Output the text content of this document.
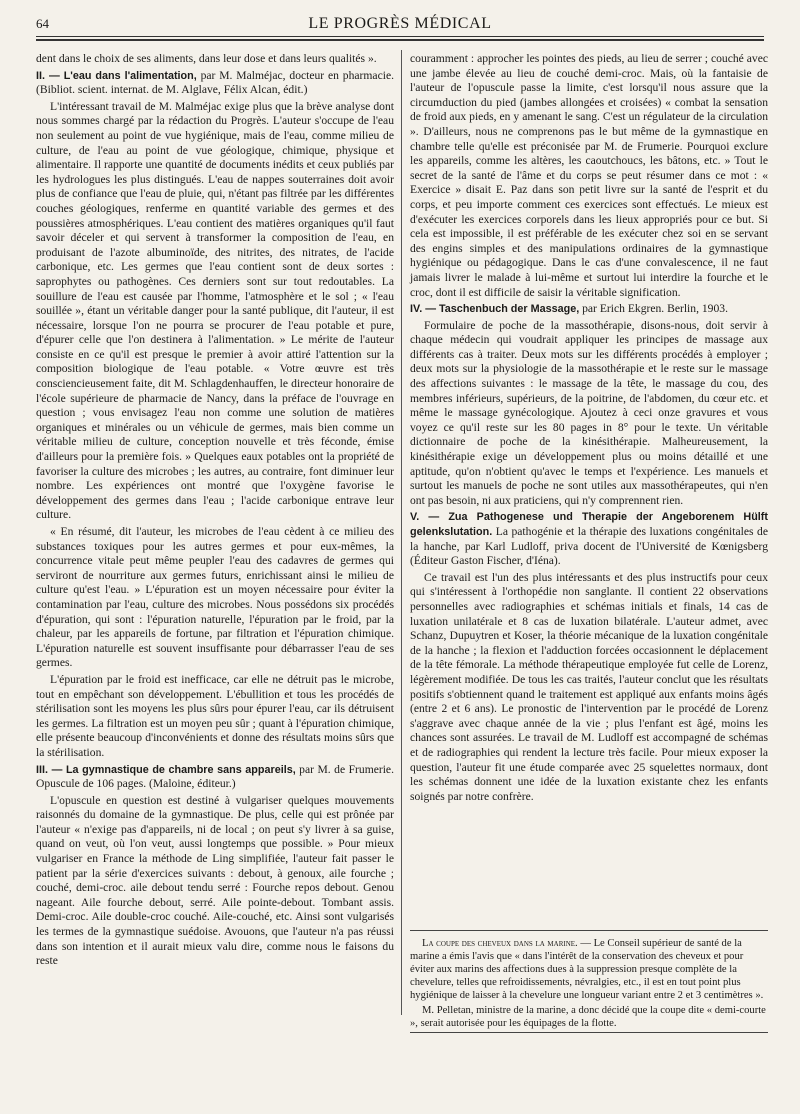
64	LE PROGRÈS MÉDICAL

dent dans le choix de ses aliments, dans leur dose et dans leurs qualités ».

II. — L'eau dans l'alimentation, par M. Malméjac, docteur en pharmacie. (Bibliot. scient. internat. de M. Alglave, Félix Alcan, édit.)

L'intéressant travail de M. Malméjac exige plus que la brève analyse dont nous sommes chargé par la rédaction du Progrès. L'auteur s'occupe de l'eau non seulement au point de vue hygiénique, mais de l'eau, comme milieu de culture, de l'eau au point de vue géologique, chimique, physique et alimentaire. Il rapporte une quantité de documents inédits et ceux publiés par les hydrologues les plus distingués. L'eau de nappes souterraines doit avoir plus de confiance que l'eau de pluie, qui, n'étant pas filtrée par les différentes couches géologiques, renferme en quantité variable des germes et des poussières atmosphériques. L'eau contient des matières organiques qu'il faut savoir déceler et qui servent à transformer la composition de l'eau, en produisant de l'azote albuminoïde, des nitrites, des nitrates, de l'acide carbonique, etc. Les germes que l'eau contient sont de deux sortes : saprophytes ou pathogènes. Ces derniers sont sur tout redoutables. La souillure de l'eau est causée par l'homme, l'atmosphère et le sol ; « l'eau souillée », étant un véritable danger pour la santé publique, dit l'auteur, il est nécessaire, lorsque l'on ne pourra se procurer de l'eau potable et pure, d'épurer celle que l'on destinera à l'alimentation. » Le mérite de l'auteur consiste en ce qu'il est presque le premier à avoir attiré l'attention sur la composition biologique de l'eau potable. « Votre œuvre est très consciencieusement faite, dit M. Schlagdenhauffen, le directeur honoraire de l'école supérieure de pharmacie de Nancy, dans la préface de l'ouvrage en question ; vous envisagez l'eau non comme une solution de matières organiques et minérales ou un véhicule de germes, mais bien comme un véritable milieu de culture, conception nouvelle et très féconde, émise d'ailleurs pour la première fois. » Quelques eaux potables ont la propriété de favoriser la culture des microbes ; les autres, au contraire, font diminuer leur nombre. Les expériences ont montré que l'oxygène favorise le développement des germes dans l'eau ; l'acide carbonique entrave leur culture.

« En résumé, dit l'auteur, les microbes de l'eau cèdent à ce milieu des substances toxiques pour les autres germes et pour eux-mêmes, la concurrence vitale peut même peupler l'eau des cadavres de germes qui serviront de nourriture aux germes futurs, enrichissant ainsi le milieu de culture qu'est l'eau. » L'épuration est un moyen nécessaire pour éviter la contamination par l'eau, culture des microbes. Nous possédons six procédés d'épuration, qui sont : l'épuration naturelle, l'épuration par le froid, par la chaleur, par les appareils de fortune, par filtration et l'épuration chimique. L'épuration naturelle est souvent insuffisante pour débarrasser l'eau de ses germes.

L'épuration par le froid est inefficace, car elle ne détruit pas le microbe, tout en empêchant son développement. L'ébullition et tous les procédés de stérilisation sont les moyens les plus sûrs pour épurer l'eau, car ils détruisent les germes. La filtration est un moyen peu sûr ; quant à l'épuration chimique, elle présente beaucoup d'inconvénients et donne des résultats moins sûrs que la stérilisation.

III. — La gymnastique de chambre sans appareils, par M. de Frumerie. Opuscule de 106 pages. (Maloine, éditeur.)

L'opuscule en question est destiné à vulgariser quelques mouvements raisonnés du domaine de la gymnastique. De plus, celle qui est prônée par l'auteur « n'exige pas d'appareils, ni de local ; on peut s'y livrer à sa guise, quand on veut, où l'on veut, aussi longtemps que possible. » Pour mieux vulgariser en France la méthode de Ling simplifiée, l'auteur fait passer le patient par la série d'exercices suivants : debout, à genoux, aile fourche ; couché, demi-croc. aile debout tendu serré : Fourche repos debout. Genou nageant. Aile fourche debout, serré. Aile pointe-debout. Tombant assis. Demi-croc. Aile double-croc couché. Aile-couché, etc. Ainsi sont vulgarisés les termes de la gymnastique suédoise. Avouons, que l'auteur n'a pas réussi dans son intention et il aurait mieux valu dire, comme nous le faisons du reste

couramment : approcher les pointes des pieds, au lieu de serrer ; couché avec une jambe élevée au lieu de couché demi-croc. Mais, où la fantaisie de l'auteur de l'opuscule passe la limite, c'est lorsqu'il nous assure que la circumduction du pied (jambes allongées et croisées) « combat la sensation de froid aux pieds, en y amenant le sang. C'est un régulateur de la circulation ». D'ailleurs, nous ne comprenons pas le but même de la gymnastique en chambre telle qu'elle est préconisée par M. de Frumerie. Pourquoi exclure les appareils, comme les altères, les caoutchoucs, les bâtons, etc. » Tout le secret de la santé de l'âme et du corps se peut résumer dans ce mot : « Exercice » disait E. Paz dans son petit livre sur la santé de l'esprit et du corps, et peu importe comment ces exercices sont effectués. Le mieux est d'exécuter les exercices corporels dans les lieux appropriés pour ce but. Si cela est impossible, il est préférable de les exécuter chez soi en se servant des engins simples et des manipulations ordinaires de la gymnastique hygiénique ou pédagogique. Dans le cas d'une convalescence, il ne faut jamais livrer le malade à lui-même et surtout lui interdire la fourche et le croc, dont il est difficile de saisir la véritable signification.

IV. — Taschenbuch der Massage, par Erich Ekgren. Berlin, 1903.

Formulaire de poche de la massothérapie, disons-nous, doit servir à chaque médecin qui voudrait appliquer les principes de massage aux différents cas à traiter. Deux mots sur les différents procédés à employer ; deux mots sur la physiologie de la massothérapie et le reste sur le massage des affections suivantes : le massage de la tête, le massage du cou, des membres inférieurs, supérieurs, de la poitrine, de l'abdomen, du cœur etc. et même le massage gynécologique. Ajoutez à ceci onze gravures et vous voyez ce qu'il reste sur les 80 pages in 8° pour le texte. Un véritable dictionnaire de poche de la kinésithérapie. Malheureusement, la kinésithérapie exige un développement plus ou moins détaillé et une aptitude, qu'on n'obtient qu'avec le temps et l'expérience. Les manuels et surtout les manuels de poche ne sont utiles aux massothérapeutes, qui n'en ont pas besoin, ni aux praticiens, qui n'y comprennent rien.

V. — Zua Pathogenese und Therapie der Angeborenem Hülft gelenkslutation. La pathogénie et la thérapie des luxations congénitales de la hanche, par Karl Ludloff, priva docent de l'Université de Kœnigsberg (Éditeur Gaston Fischer, d'Iéna).

Ce travail est l'un des plus intéressants et des plus instructifs pour ceux qui s'intéressent à l'orthopédie non sanglante. Il contient 22 observations personnelles avec radiographies et schémas initials et finals, 14 cas de luxation unilatérale et 8 cas de luxation bilatérale. L'auteur admet, avec Schanz, Dupuytren et Koser, la théorie mécanique de la luxation congénitale de la hanche ; la flexion et l'adduction forcées occasionnent le déplacement de la tête fémorale. La méthode thérapeutique employée fut celle de Lorenz, légèrement modifiée. De tous les cas traités, l'auteur conclut que les résultats positifs s'obtiennent quand le traitement est appliqué aux enfants moins âgés (entre 2 et 6 ans). Le pronostic de l'intervention par le procédé de Lorenz s'aggrave avec chaque année de la vie ; plus l'enfant est âgé, moins les chances sont assurées. Le travail de M. Ludloff est accompagné de schémas et de radiographies qui rendent la lecture très facile. Pour mieux exposer la question, l'auteur fit une étude comparée avec 25 squelettes normaux, dont les schémas donnent une idée de la luxation existante chez les enfants soignés par notre confrère.

La coupe des cheveux dans la marine. — Le Conseil supérieur de santé de la marine a émis l'avis que « dans l'intérêt de la conservation des cheveux et pour éviter aux marins des affections dues à la suppression presque complète de la chevelure, telles que refroidissements, névralgies, etc., il est en tout point plus hygiénique de laisser à la chevelure une longueur variant entre 2 et 3 centimètres ».

M. Pelletan, ministre de la marine, a donc décidé que la coupe dite « demi-courte », serait autorisée pour les équipages de la flotte.
